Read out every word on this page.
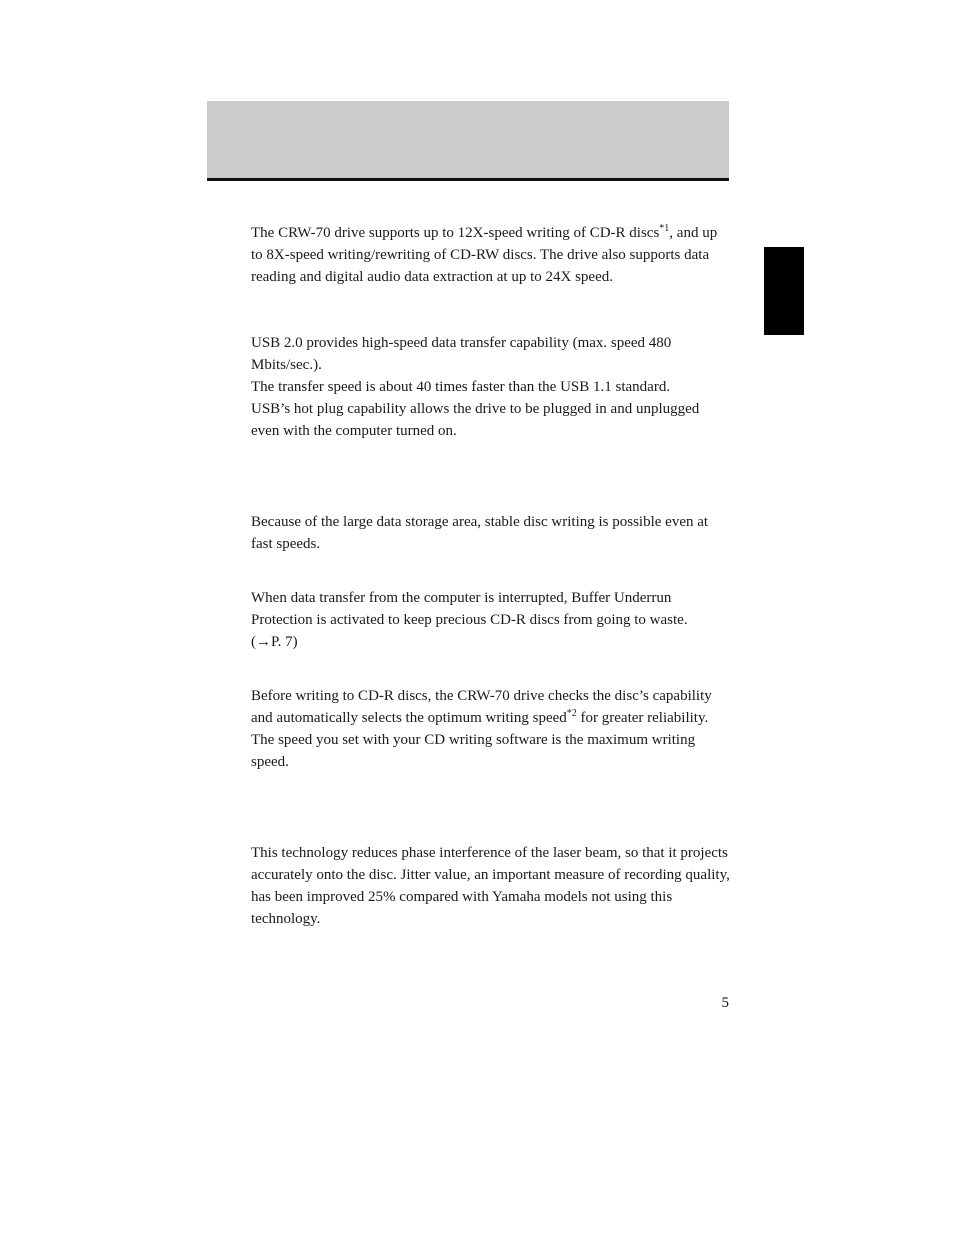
The CRW-70 drive supports up to 12X-speed writing of CD-R discs$^{*1}$, and up to 8X-speed writing/rewriting of CD-RW discs. The drive also supports data reading and digital audio data extraction at up to 24X speed.

USB 2.0 provides high-speed data transfer capability (max. speed 480 Mbits/sec.).
The transfer speed is about 40 times faster than the USB 1.1 standard.
USB’s hot plug capability allows the drive to be plugged in and unplugged even with the computer turned on.

Because of the large data storage area, stable disc writing is possible even at fast speeds.

When data transfer from the computer is interrupted, Buffer Underrun Protection is activated to keep precious CD-R discs from going to waste.
(→P. 7)

Before writing to CD-R discs, the CRW-70 drive checks the disc’s capability and automatically selects the optimum writing speed$^{*2}$ for greater reliability. The speed you set with your CD writing software is the maximum writing speed.

This technology reduces phase interference of the laser beam, so that it projects accurately onto the disc. Jitter value, an important measure of recording quality, has been improved 25% compared with Yamaha models not using this technology.

5
